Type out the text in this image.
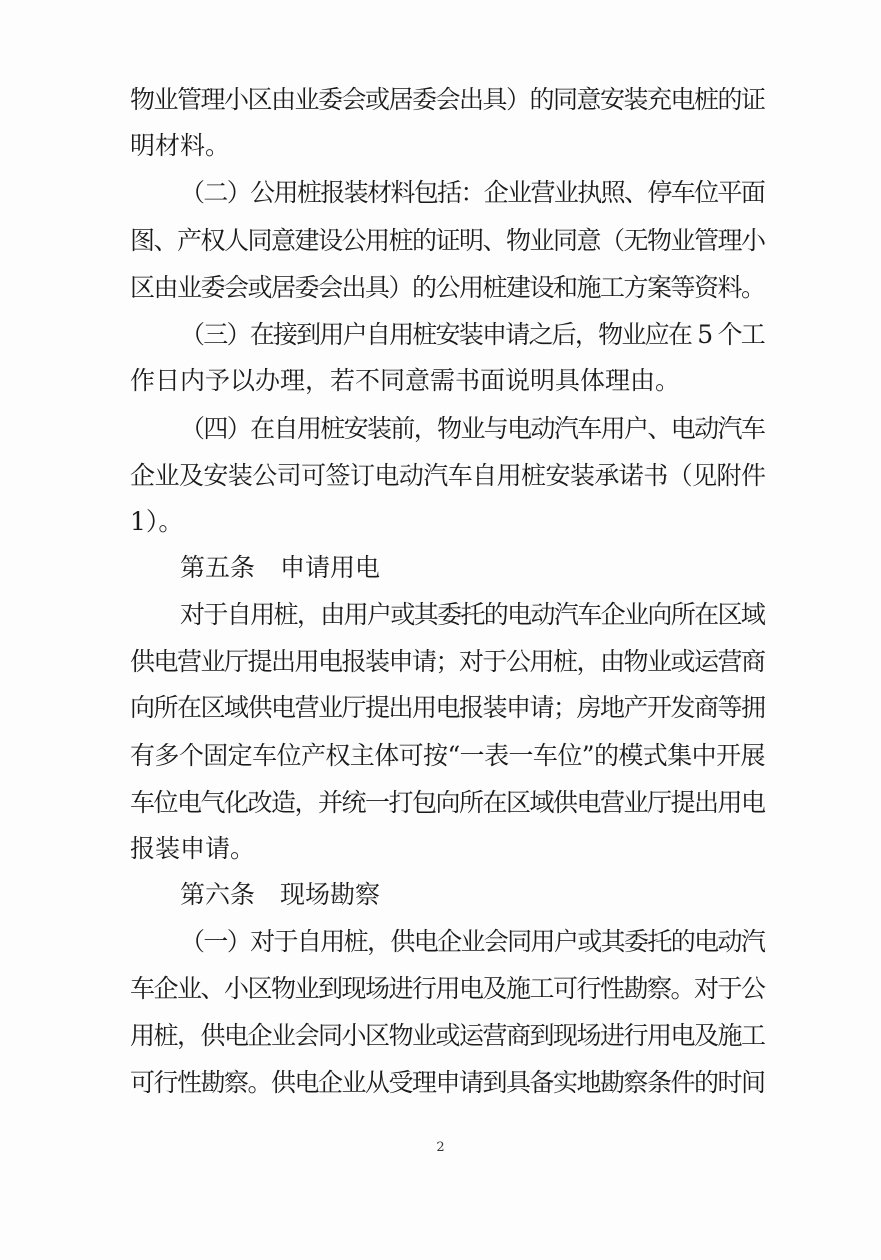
物业管理小区由业委会或居委会出具）的同意安装充电桩的证
明材料。
（二）公用桩报装材料包括：企业营业执照、停车位平面
图、产权人同意建设公用桩的证明、物业同意（无物业管理小
区由业委会或居委会出具）的公用桩建设和施工方案等资料。
（三）在接到用户自用桩安装申请之后，物业应在 5 个工
作日内予以办理，若不同意需书面说明具体理由。
（四）在自用桩安装前，物业与电动汽车用户、电动汽车
企业及安装公司可签订电动汽车自用桩安装承诺书（见附件
1）。
第五条　申请用电
对于自用桩，由用户或其委托的电动汽车企业向所在区域
供电营业厅提出用电报装申请；对于公用桩，由物业或运营商
向所在区域供电营业厅提出用电报装申请；房地产开发商等拥
有多个固定车位产权主体可按“一表一车位”的模式集中开展
车位电气化改造，并统一打包向所在区域供电营业厅提出用电
报装申请。
第六条　现场勘察
（一）对于自用桩，供电企业会同用户或其委托的电动汽
车企业、小区物业到现场进行用电及施工可行性勘察。对于公
用桩，供电企业会同小区物业或运营商到现场进行用电及施工
可行性勘察。供电企业从受理申请到具备实地勘察条件的时间
2
